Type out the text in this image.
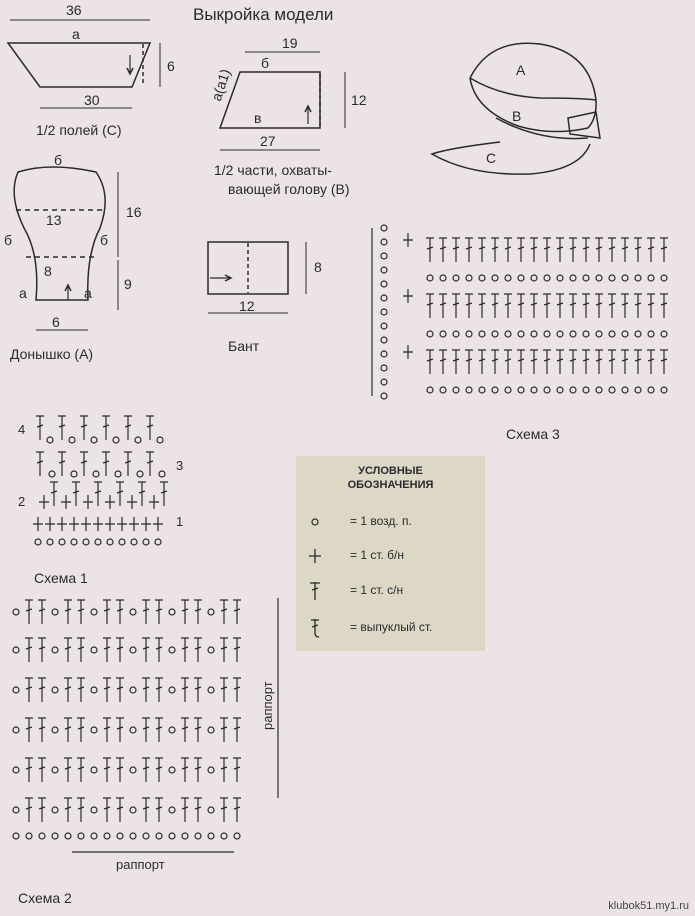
Выкройка модели
36
a
6
30
1/2 полей (С)
19
б
a(a1)	12
в
27
1/2 части, охваты-
вающей голову (В)
б
13	16
б	б
8
9
а	а
6
Донышко (А)
8
12
Бант
A
B
C
Схема 3
4
3
2
1
Схема 1
раппорт
раппорт
Схема 2
УСЛОВНЫЕ
ОБОЗНАЧЕНИЯ
= 1 возд. п.
= 1 ст. б/н
= 1 ст. с/н
= выпуклый ст.
klubok51.my1.ru
